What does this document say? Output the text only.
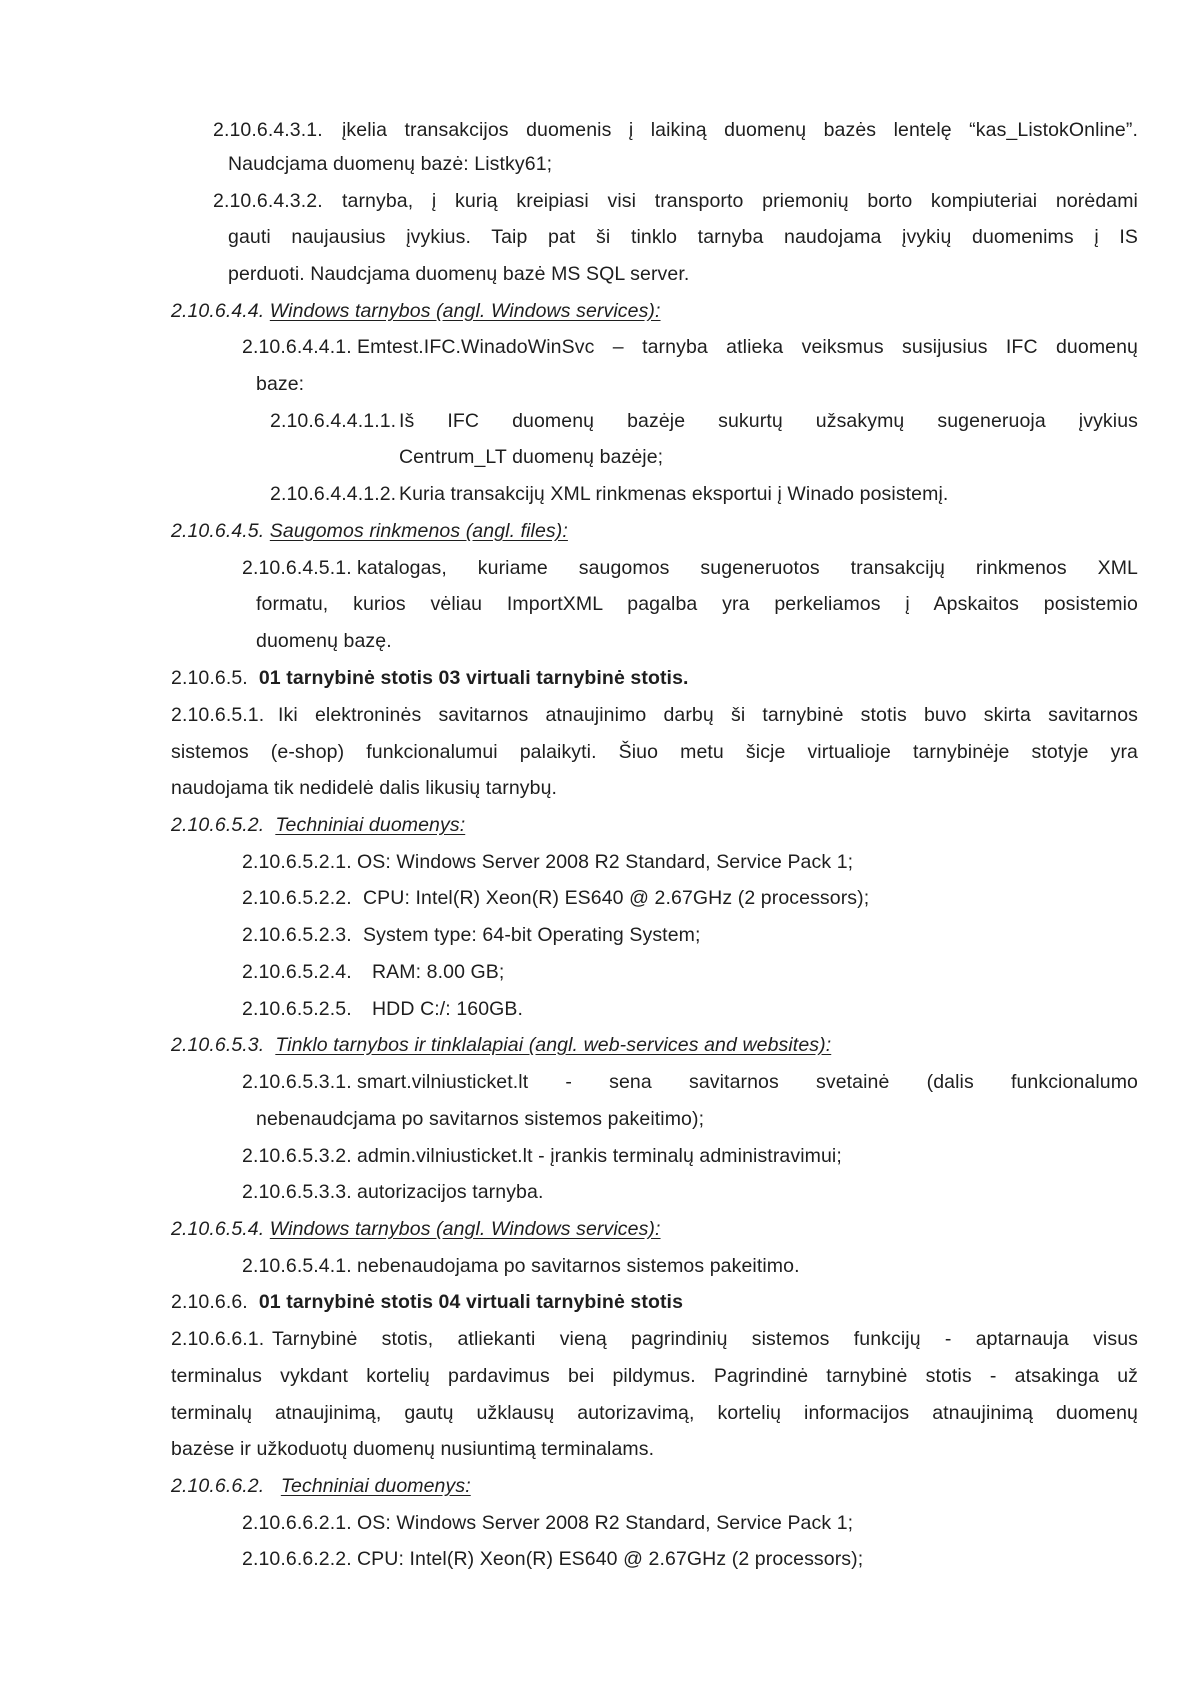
2.10.6.4.3.1. įkelia transakcijos duomenis į laikiną duomenų bazės lentelę “kas_ListokOnline”.
Naudcjama duomenų bazė: Listky61;
2.10.6.4.3.2. tarnyba, į kurią kreipiasi visi transporto priemonių borto kompiuteriai norėdami
gauti naujausius įvykius. Taip pat ši tinklo tarnyba naudojama įvykių duomenims į IS
perduoti. Naudcjama duomenų bazė MS SQL server.
2.10.6.4.4. Windows tarnybos (angl. Windows services):
2.10.6.4.4.1. Emtest.IFC.WinadoWinSvc – tarnyba atlieka veiksmus susijusius IFC duomenų
baze:
2.10.6.4.4.1.1. Iš IFC duomenų bazėje sukurtų užsakymų sugeneruoja įvykius
Centrum_LT duomenų bazėje;
2.10.6.4.4.1.2. Kuria transakcijų XML rinkmenas eksportui į Winado posistemį.
2.10.6.4.5. Saugomos rinkmenos (angl. files):
2.10.6.4.5.1. katalogas, kuriame saugomos sugeneruotos transakcijų rinkmenos XML
formatu, kurios vėliau ImportXML pagalba yra perkeliamos į Apskaitos posistemio
duomenų bazę.
2.10.6.5. 01 tarnybinė stotis 03 virtuali tarnybinė stotis.
2.10.6.5.1. Iki elektroninės savitarnos atnaujinimo darbų ši tarnybinė stotis buvo skirta savitarnos
sistemos (e-shop) funkcionalumui palaikyti. Šiuo metu šicje virtualioje tarnybinėje stotyje yra
naudojama tik nedidelė dalis likusių tarnybų.
2.10.6.5.2. Techniniai duomenys:
2.10.6.5.2.1. OS: Windows Server 2008 R2 Standard, Service Pack 1;
2.10.6.5.2.2. CPU: Intel(R) Xeon(R) ES640 @ 2.67GHz (2 processors);
2.10.6.5.2.3. System type: 64-bit Operating System;
2.10.6.5.2.4. RAM: 8.00 GB;
2.10.6.5.2.5. HDD C:/: 160GB.
2.10.6.5.3. Tinklo tarnybos ir tinklalapiai (angl. web-services and websites):
2.10.6.5.3.1. smart.vilniusticket.lt - sena savitarnos svetainė (dalis funkcionalumo
nebenaudcjama po savitarnos sistemos pakeitimo);
2.10.6.5.3.2. admin.vilniusticket.lt - įrankis terminalų administravimui;
2.10.6.5.3.3. autorizacijos tarnyba.
2.10.6.5.4. Windows tarnybos (angl. Windows services):
2.10.6.5.4.1. nebenaudojama po savitarnos sistemos pakeitimo.
2.10.6.6. 01 tarnybinė stotis 04 virtuali tarnybinė stotis
2.10.6.6.1. Tarnybinė stotis, atliekanti vieną pagrindinių sistemos funkcijų - aptarnauja visus
terminalus vykdant kortelių pardavimus bei pildymus. Pagrindinė tarnybinė stotis - atsakinga už
terminalų atnaujinimą, gautų užklausų autorizavimą, kortelių informacijos atnaujinimą duomenų
bazėse ir užkoduotų duomenų nusiuntimą terminalams.
2.10.6.6.2. Techniniai duomenys:
2.10.6.6.2.1. OS: Windows Server 2008 R2 Standard, Service Pack 1;
2.10.6.6.2.2. CPU: Intel(R) Xeon(R) ES640 @ 2.67GHz (2 processors);
